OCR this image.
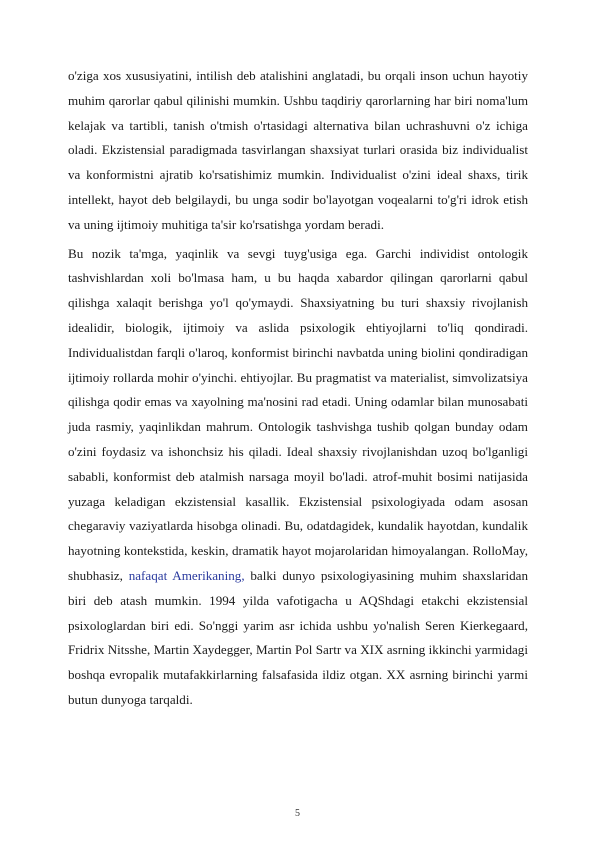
o'ziga xos xususiyatini, intilish deb atalishini anglatadi, bu orqali inson uchun hayotiy muhim qarorlar qabul qilinishi mumkin. Ushbu taqdiriy qarorlarning har biri noma'lum kelajak va tartibli, tanish o'tmish o'rtasidagi alternativa bilan uchrashuvni o'z ichiga oladi. Ekzistensial paradigmada tasvirlangan shaxsiyat turlari orasida biz individualist va konformistni ajratib ko'rsatishimiz mumkin. Individualist o'zini ideal shaxs, tirik intellekt, hayot deb belgilaydi, bu unga sodir bo'layotgan voqealarni to'g'ri idrok etish va uning ijtimoiy muhitiga ta'sir ko'rsatishga yordam beradi.

Bu nozik ta'mga, yaqinlik va sevgi tuyg'usiga ega. Garchi individist ontologik tashvishlardan xoli bo'lmasa ham, u bu haqda xabardor qilingan qarorlarni qabul qilishga xalaqit berishga yo'l qo'ymaydi. Shaxsiyatning bu turi shaxsiy rivojlanish idealidir, biologik, ijtimoiy va aslida psixologik ehtiyojlarni to'liq qondiradi. Individualistdan farqli o'laroq, konformist birinchi navbatda uning biolini qondiradigan ijtimoiy rollarda mohir o'yinchi. ehtiyojlar. Bu pragmatist va materialist, simvolizatsiya qilishga qodir emas va xayolning ma'nosini rad etadi. Uning odamlar bilan munosabati juda rasmiy, yaqinlikdan mahrum. Ontologik tashvishga tushib qolgan bunday odam o'zini foydasiz va ishonchsiz his qiladi. Ideal shaxsiy rivojlanishdan uzoq bo'lganligi sababli, konformist deb atalmish narsaga moyil bo'ladi. atrof-muhit bosimi natijasida yuzaga keladigan ekzistensial kasallik. Ekzistensial psixologiyada odam asosan chegaraviy vaziyatlarda hisobga olinadi. Bu, odatdagidek, kundalik hayotdan, kundalik hayotning kontekstida, keskin, dramatik hayot mojarolaridan himoyalangan. RolloMay, shubhasiz, nafaqat Amerikaning, balki dunyo psixologiyasining muhim shaxslaridan biri deb atash mumkin. 1994 yilda vafotigacha u AQShdagi etakchi ekzistensial psixologlardan biri edi. So'nggi yarim asr ichida ushbu yo'nalish Seren Kierkegaard, Fridrix Nitsshe, Martin Xaydegger, Martin Pol Sartr va XIX asrning ikkinchi yarmidagi boshqa evropalik mutafakkirlarning falsafasida ildiz otgan. XX asrning birinchi yarmi butun dunyoga tarqaldi.

5
